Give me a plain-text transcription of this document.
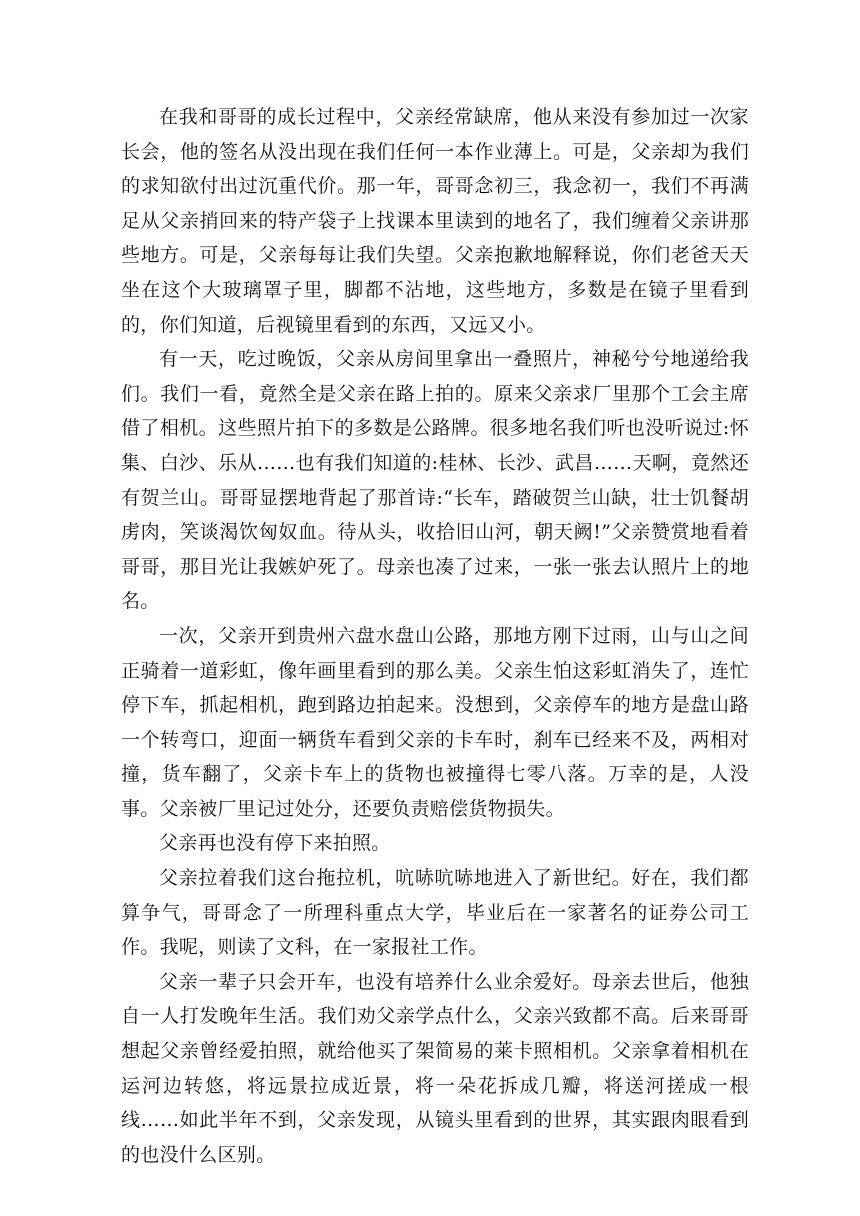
在我和哥哥的成长过程中，父亲经常缺席，他从来没有参加过一次家长会，他的签名从没出现在我们任何一本作业薄上。可是，父亲却为我们的求知欲付出过沉重代价。那一年，哥哥念初三，我念初一，我们不再满足从父亲捎回来的特产袋子上找课本里读到的地名了，我们缠着父亲讲那些地方。可是，父亲每每让我们失望。父亲抱歉地解释说，你们老爸天天坐在这个大玻璃罩子里，脚都不沾地，这些地方，多数是在镜子里看到的，你们知道，后视镜里看到的东西，又远又小。

有一天，吃过晚饭，父亲从房间里拿出一叠照片，神秘兮兮地递给我们。我们一看，竟然全是父亲在路上拍的。原来父亲求厂里那个工会主席借了相机。这些照片拍下的多数是公路牌。很多地名我们听也没听说过:怀集、白沙、乐从……也有我们知道的:桂林、长沙、武昌……天啊，竟然还有贺兰山。哥哥显摆地背起了那首诗:“长车，踏破贺兰山缺，壮士饥餐胡虏肉，笑谈渴饮匈奴血。待从头，收拾旧山河，朝天阙!”父亲赞赏地看着哥哥，那目光让我嫉妒死了。母亲也凑了过来，一张一张去认照片上的地名。

一次，父亲开到贵州六盘水盘山公路，那地方刚下过雨，山与山之间正骑着一道彩虹，像年画里看到的那么美。父亲生怕这彩虹消失了，连忙停下车，抓起相机，跑到路边拍起来。没想到，父亲停车的地方是盘山路一个转弯口，迎面一辆货车看到父亲的卡车时，刹车已经来不及，两相对撞，货车翻了，父亲卡车上的货物也被撞得七零八落。万幸的是，人没事。父亲被厂里记过处分，还要负责赔偿货物损失。

父亲再也没有停下来拍照。

父亲拉着我们这台拖拉机，吭哧吭哧地进入了新世纪。好在，我们都算争气，哥哥念了一所理科重点大学，毕业后在一家著名的证券公司工作。我呢，则读了文科，在一家报社工作。

父亲一辈子只会开车，也没有培养什么业余爱好。母亲去世后，他独自一人打发晚年生活。我们劝父亲学点什么，父亲兴致都不高。后来哥哥想起父亲曾经爱拍照，就给他买了架简易的莱卡照相机。父亲拿着相机在运河边转悠，将远景拉成近景，将一朵花拆成几瓣，将送河搓成一根线……如此半年不到，父亲发现，从镜头里看到的世界，其实跟肉眼看到的也没什么区别。
